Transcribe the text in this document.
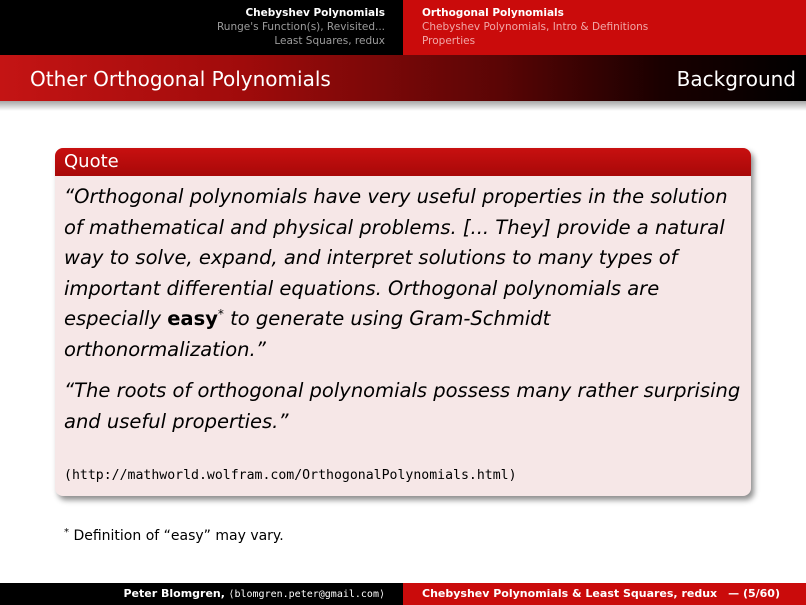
Chebyshev Polynomials
Runge's Function(s), Revisited...
Least Squares, redux
Orthogonal Polynomials
Chebyshev Polynomials, Intro & Definitions
Properties
Other Orthogonal Polynomials	Background
Quote

“Orthogonal polynomials have very useful properties in the solution of mathematical and physical problems. [... They] provide a natural way to solve, expand, and interpret solutions to many types of important differential equations. Orthogonal polynomials are especially easy* to generate using Gram-Schmidt orthonormalization.”

“The roots of orthogonal polynomials possess many rather surprising and useful properties.”

(http://mathworld.wolfram.com/OrthogonalPolynomials.html)
* Definition of “easy” may vary.
Peter Blomgren, ⟨blomgren.peter@gmail.com⟩	Chebyshev Polynomials & Least Squares, redux — (5/60)
